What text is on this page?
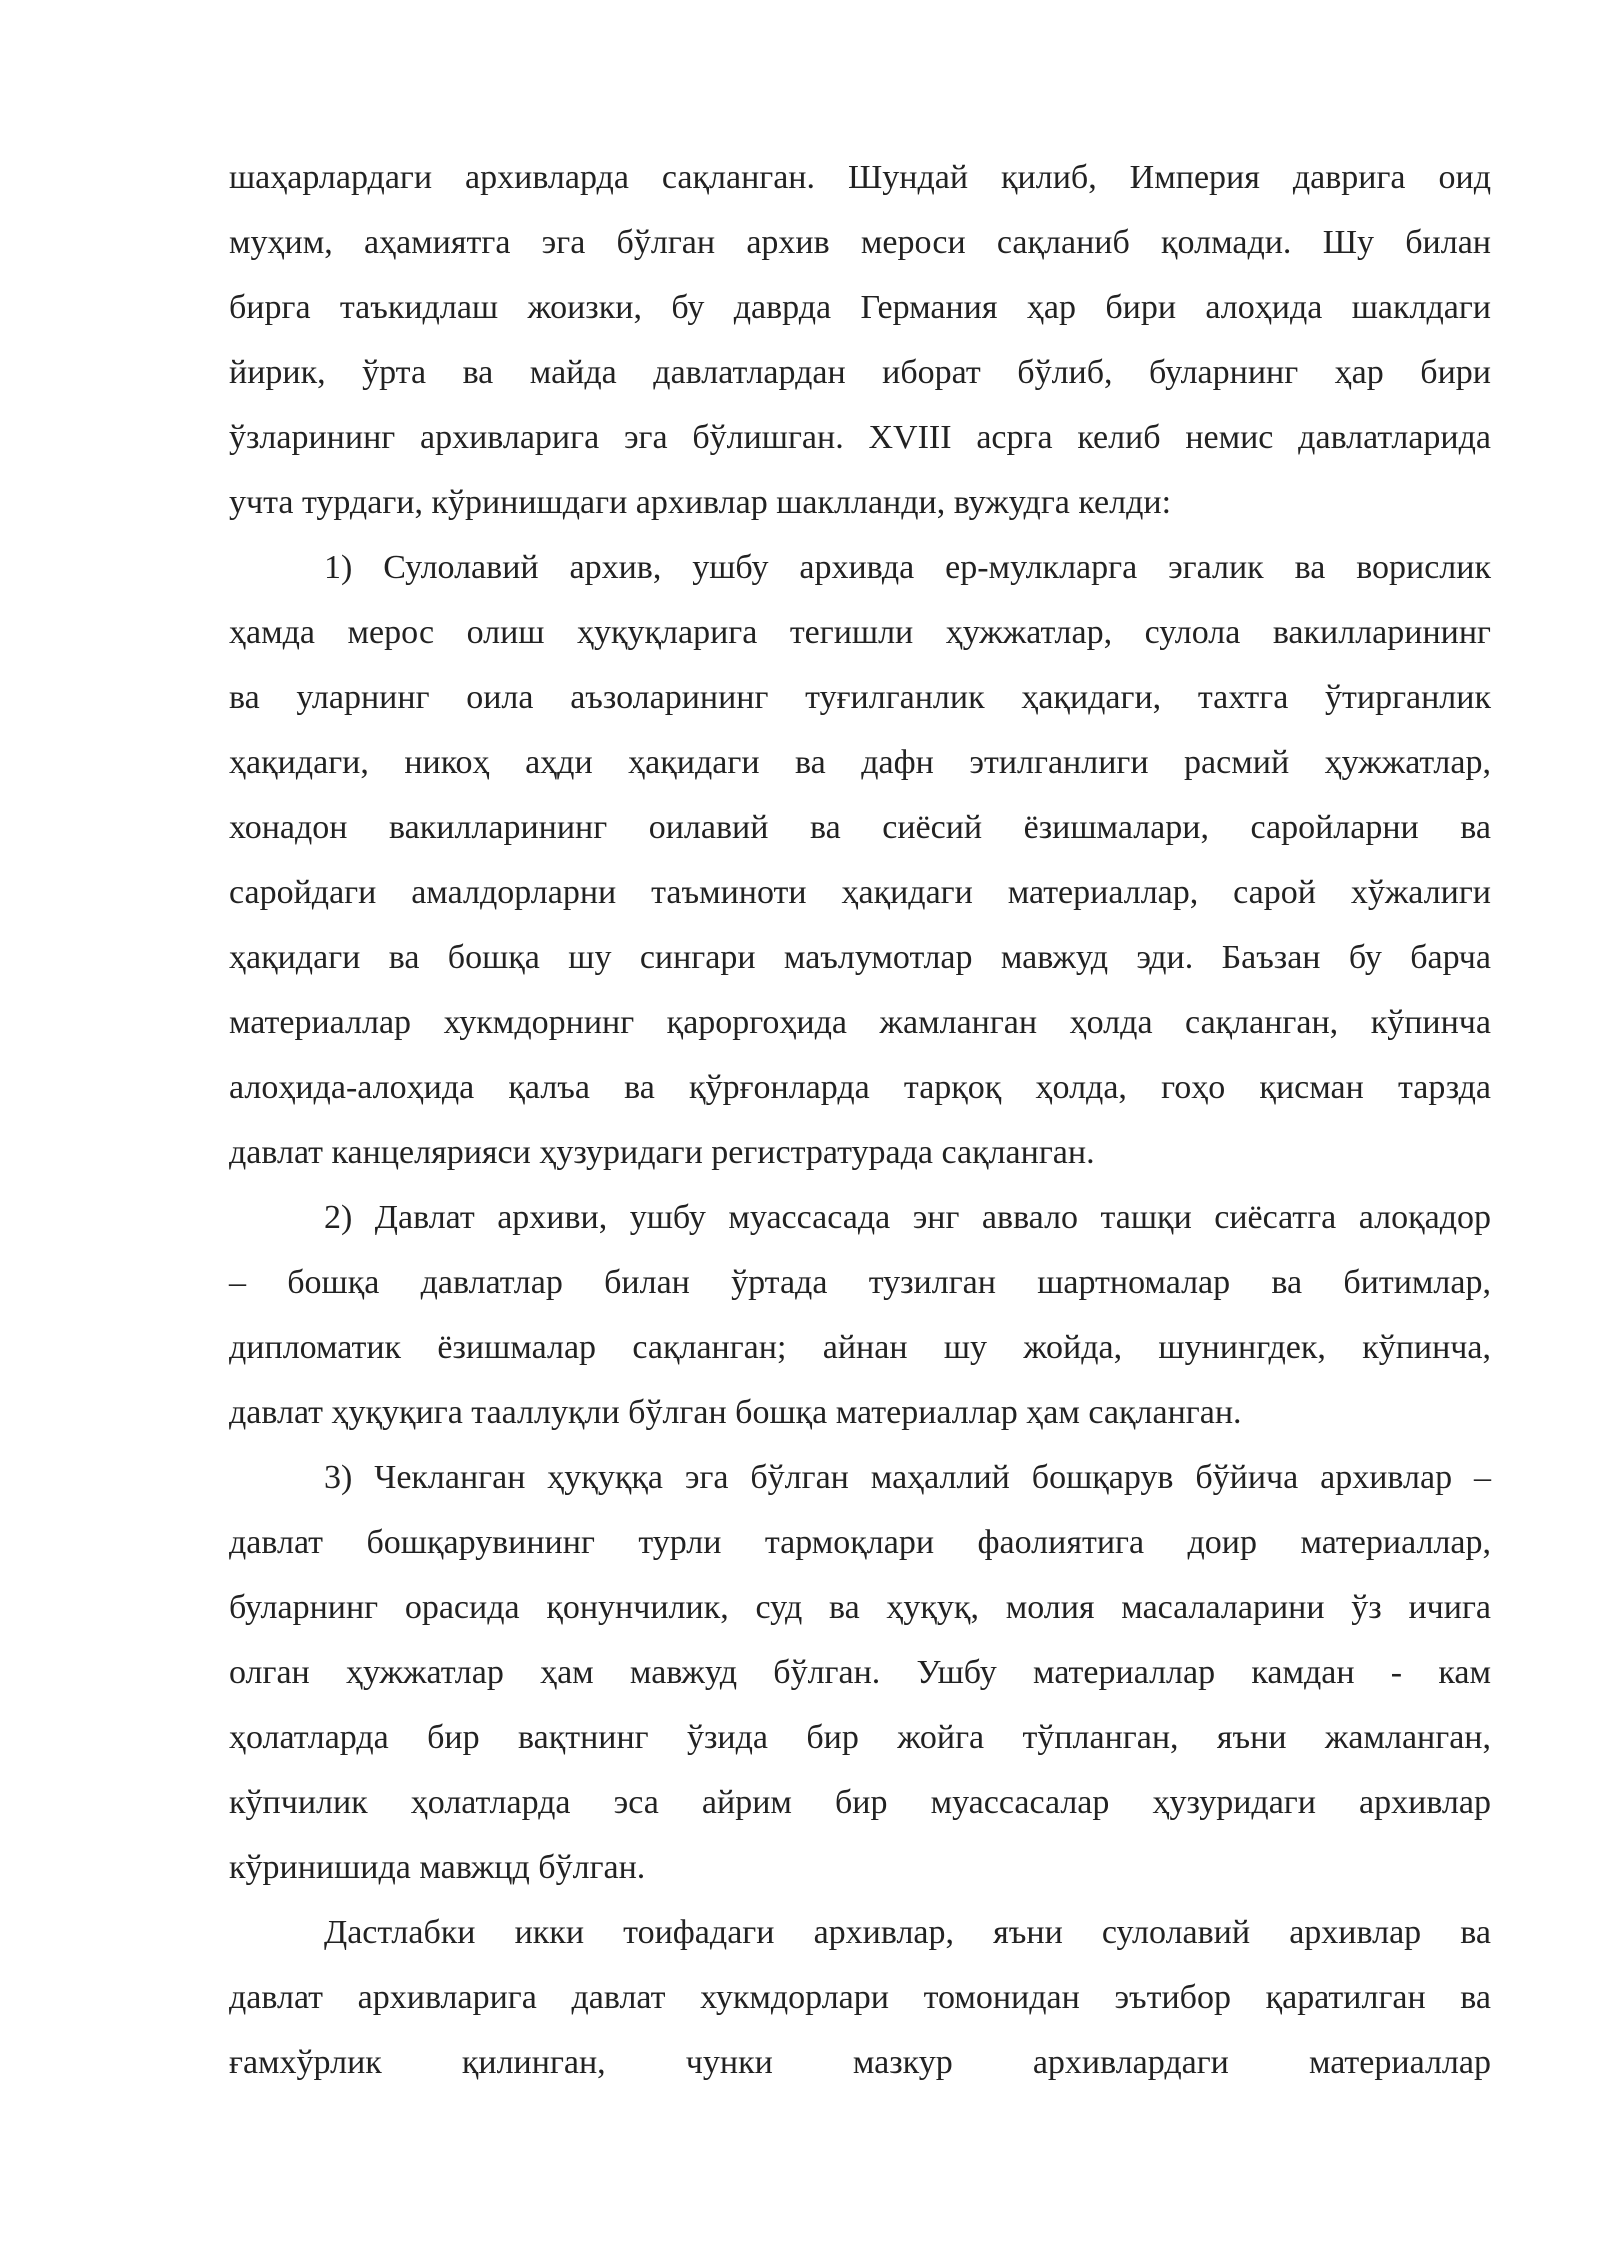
шаҳарлардаги архивларда сақланган. Шундай қилиб, Империя даврига оид
муҳим, аҳамиятга эга бўлган архив мероси сақланиб қолмади. Шу билан
бирга таъкидлаш жоизки, бу даврда Германия ҳар бири алоҳида шаклдаги
йирик, ўрта ва майда давлатлардан иборат бўлиб, буларнинг ҳар бири
ўзларининг архивларига эга бўлишган. XVIII асрга келиб немис давлатларида
учта турдаги, кўринишдаги архивлар шаклланди, вужудга келди:
1) Сулолавий архив, ушбу архивда ер-мулкларга эгалик ва ворислик
ҳамда мерос олиш ҳуқуқларига тегишли ҳужжатлар, сулола вакилларининг
ва уларнинг оила аъзоларининг туғилганлик ҳақидаги, тахтга ўтирганлик
ҳақидаги, никоҳ аҳди ҳақидаги ва дафн этилганлиги расмий ҳужжатлар,
хонадон вакилларининг оилавий ва сиёсий ёзишмалари, саройларни ва
саройдаги амалдорларни таъминоти ҳақидаги материаллар, сарой хўжалиги
ҳақидаги ва бошқа шу сингари маълумотлар мавжуд эди. Баъзан бу барча
материаллар хукмдорнинг қароргоҳида жамланган ҳолда сақланган, кўпинча
алоҳида-алоҳида қалъа ва қўрғонларда тарқоқ ҳолда, гоҳо қисман тарзда
давлат канцелярияси ҳузуридаги регистратурада сақланган.
2) Давлат архиви, ушбу муассасада энг аввало ташқи сиёсатга алоқадор
– бошқа давлатлар билан ўртада тузилган шартномалар ва битимлар,
дипломатик ёзишмалар сақланган; айнан шу жойда, шунингдек, кўпинча,
давлат ҳуқуқига тааллуқли бўлган бошқа материаллар ҳам сақланган.
3) Чекланган ҳуқуққа эга бўлган маҳаллий бошқарув бўйича архивлар –
давлат бошқарувининг турли тармоқлари фаолиятига доир материаллар,
буларнинг орасида қонунчилик, суд ва ҳуқуқ, молия масалаларини ўз ичига
олган ҳужжатлар ҳам мавжуд бўлган. Ушбу материаллар камдан - кам
ҳолатларда бир вақтнинг ўзида бир жойга тўпланган, яъни жамланган,
кўпчилик ҳолатларда эса айрим бир муассасалар ҳузуридаги архивлар
кўринишида мавжцд бўлган.
Дастлабки икки тоифадаги архивлар, яъни сулолавий архивлар ва
давлат архивларига давлат хукмдорлари томонидан эътибор қаратилган ва
ғамхўрлик қилинган, чунки мазкур архивлардаги материаллар
